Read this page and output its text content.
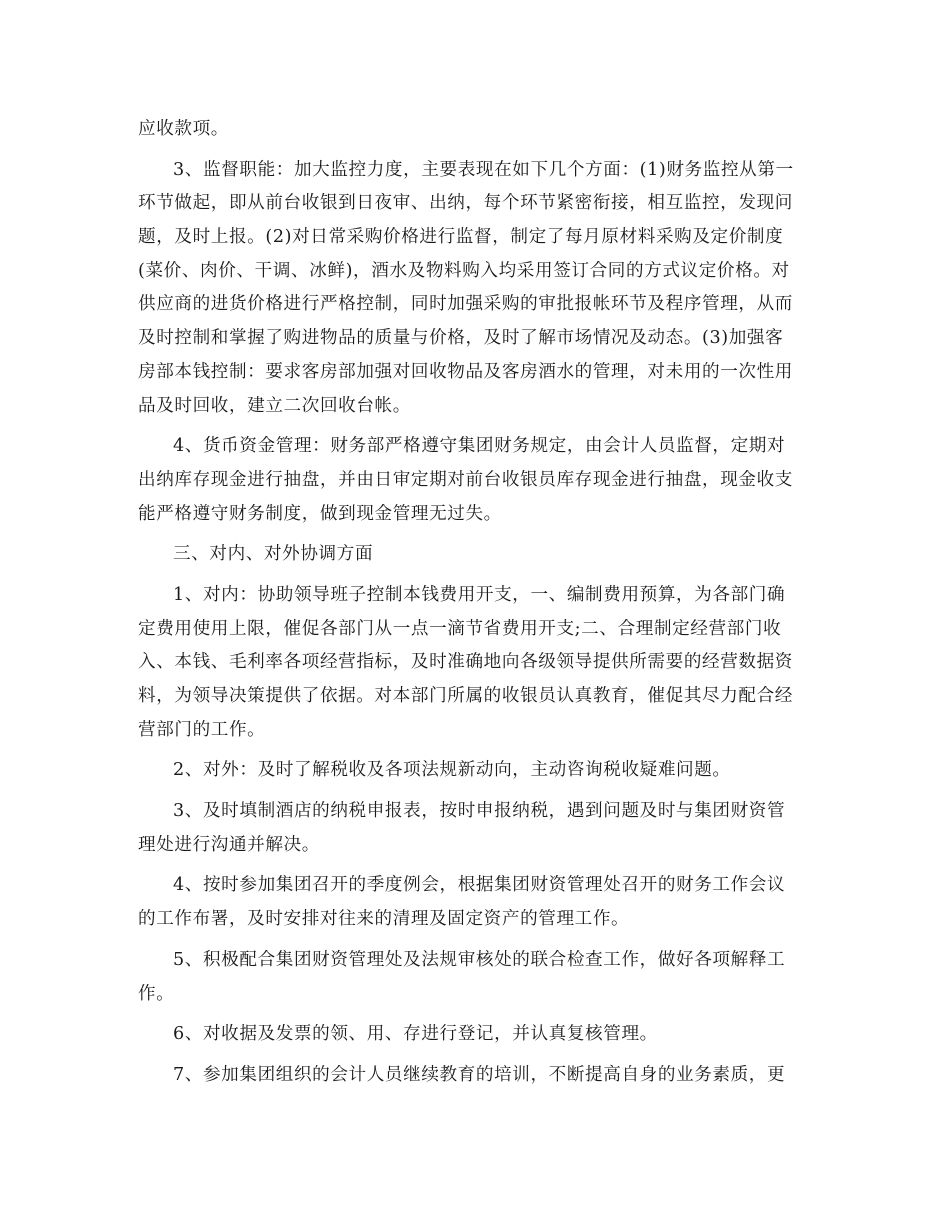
应收款项。
3、监督职能：加大监控力度，主要表现在如下几个方面：(1)财务监控从第一
环节做起，即从前台收银到日夜审、出纳，每个环节紧密衔接，相互监控，发现问
题，及时上报。(2)对日常采购价格进行监督，制定了每月原材料采购及定价制度
(菜价、肉价、干调、冰鲜)，酒水及物料购入均采用签订合同的方式议定价格。对
供应商的进货价格进行严格控制，同时加强采购的审批报帐环节及程序管理，从而
及时控制和掌握了购进物品的质量与价格，及时了解市场情况及动态。(3)加强客
房部本钱控制：要求客房部加强对回收物品及客房酒水的管理，对未用的一次性用
品及时回收，建立二次回收台帐。
4、货币资金管理：财务部严格遵守集团财务规定，由会计人员监督，定期对
出纳库存现金进行抽盘，并由日审定期对前台收银员库存现金进行抽盘，现金收支
能严格遵守财务制度，做到现金管理无过失。
三、对内、对外协调方面
1、对内：协助领导班子控制本钱费用开支，一、编制费用预算，为各部门确
定费用使用上限，催促各部门从一点一滴节省费用开支;二、合理制定经营部门收
入、本钱、毛利率各项经营指标，及时准确地向各级领导提供所需要的经营数据资
料，为领导决策提供了依据。对本部门所属的收银员认真教育，催促其尽力配合经
营部门的工作。
2、对外：及时了解税收及各项法规新动向，主动咨询税收疑难问题。
3、及时填制酒店的纳税申报表，按时申报纳税，遇到问题及时与集团财资管
理处进行沟通并解决。
4、按时参加集团召开的季度例会，根据集团财资管理处召开的财务工作会议
的工作布署，及时安排对往来的清理及固定资产的管理工作。
5、积极配合集团财资管理处及法规审核处的联合检查工作，做好各项解释工
作。
6、对收据及发票的领、用、存进行登记，并认真复核管理。
7、参加集团组织的会计人员继续教育的培训，不断提高自身的业务素质，更
